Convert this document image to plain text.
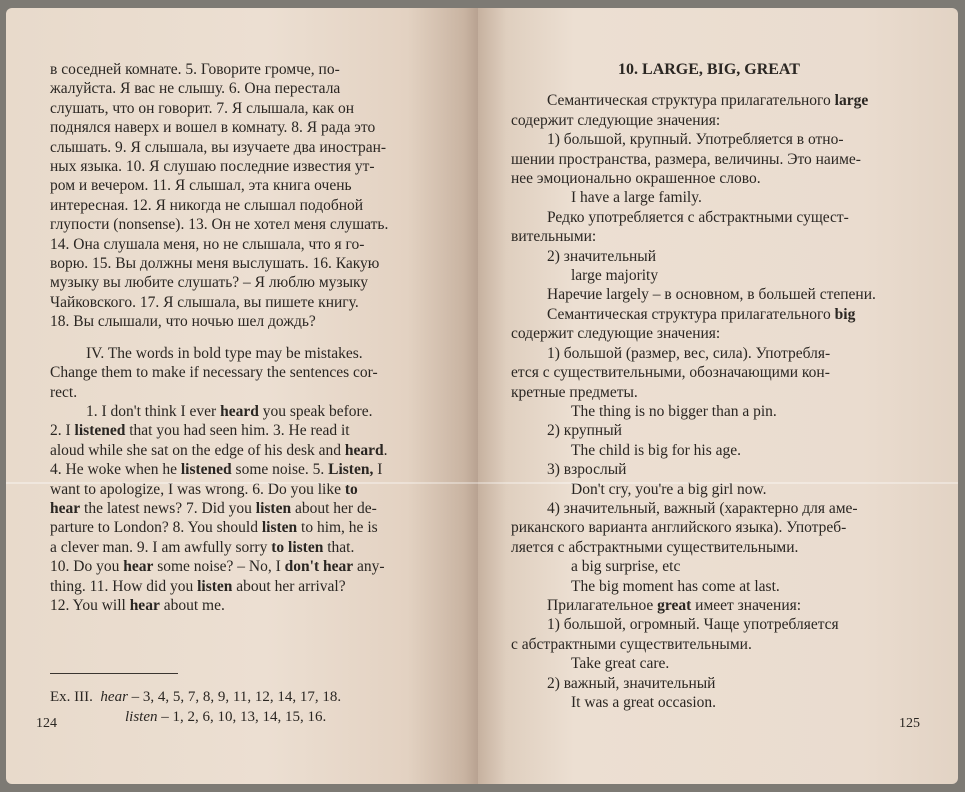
в соседней комнате. 5. Говорите громче, по-
жалуйста. Я вас не слышу. 6. Она перестала
слушать, что он говорит. 7. Я слышала, как он
поднялся наверх и вошел в комнату. 8. Я рада это
слышать. 9. Я слышала, вы изучаете два иностран-
ных языка. 10. Я слушаю последние известия ут-
ром и вечером. 11. Я слышал, эта книга очень
интересная. 12. Я никогда не слышал подобной
глупости (nonsense). 13. Он не хотел меня слушать.
14. Она слушала меня, но не слышала, что я го-
ворю. 15. Вы должны меня выслушать. 16. Какую
музыку вы любите слушать? – Я люблю музыку
Чайковского. 17. Я слышала, вы пишете книгу.
18. Вы слышали, что ночью шел дождь?
IV. The words in bold type may be mistakes.
Change them to make if necessary the sentences cor-
rect.
1. I don't think I ever heard you speak before.
2. I listened that you had seen him. 3. He read it
aloud while she sat on the edge of his desk and heard.
4. He woke when he listened some noise. 5. Listen, I
want to apologize, I was wrong. 6. Do you like to
hear the latest news? 7. Did you listen about her de-
parture to London? 8. You should listen to him, he is
a clever man. 9. I am awfully sorry to listen that.
10. Do you hear some noise? – No, I don't hear any-
thing. 11. How did you listen about her arrival?
12. You will hear about me.
Ex. III. hear – 3, 4, 5, 7, 8, 9, 11, 12, 14, 17, 18.
listen – 1, 2, 6, 10, 13, 14, 15, 16.
124
10. LARGE, BIG, GREAT
Семантическая структура прилагательного large
содержит следующие значения:
1) большой, крупный. Употребляется в отно-
шении пространства, размера, величины. Это наиме-
нее эмоционально окрашенное слово.
I have a large family.
Редко употребляется с абстрактными сущест-
вительными:
2) значительный
large majority
Наречие largely – в основном, в большей степени.
Семантическая структура прилагательного big
содержит следующие значения:
1) большой (размер, вес, сила). Употребля-
ется с существительными, обозначающими кон-
кретные предметы.
The thing is no bigger than a pin.
2) крупный
The child is big for his age.
3) взрослый
Don't cry, you're a big girl now.
4) значительный, важный (характерно для аме-
риканского варианта английского языка). Употреб-
ляется с абстрактными существительными.
a big surprise, etc
The big moment has come at last.
Прилагательное great имеет значения:
1) большой, огромный. Чаще употребляется
с абстрактными существительными.
Take great care.
2) важный, значительный
It was a great occasion.
125
